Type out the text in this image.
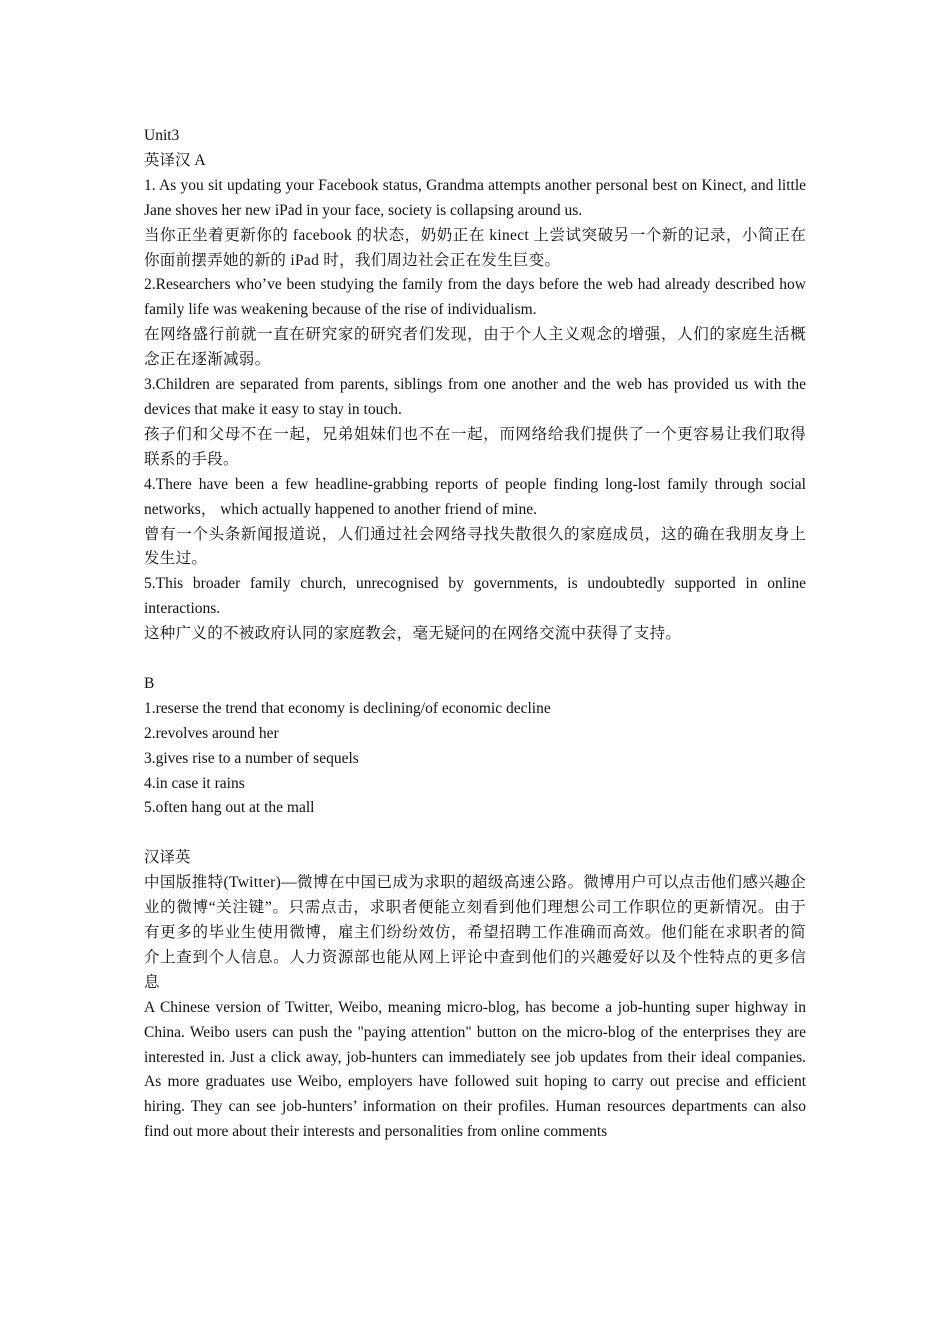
Unit3

英译汉 A

1. As you sit updating your Facebook status, Grandma attempts another personal best on Kinect, and little Jane shoves her new iPad in your face, society is collapsing around us.

当你正坐着更新你的 facebook 的状态，奶奶正在 kinect 上尝试突破另一个新的记录，小简正在你面前摆弄她的新的 iPad 时，我们周边社会正在发生巨变。

2.Researchers who’ve been studying the family from the days before the web had already described how family life was weakening because of the rise of individualism.

在网络盛行前就一直在研究家的研究者们发现，由于个人主义观念的增强，人们的家庭生活概念正在逐渐减弱。

3.Children are separated from parents, siblings from one another and the web has provided us with the devices that make it easy to stay in touch.

孩子们和父母不在一起，兄弟姐妹们也不在一起，而网络给我们提供了一个更容易让我们取得联系的手段。

4.There have been a few headline-grabbing reports of people finding long-lost family through social networks， which actually happened to another friend of mine.

曾有一个头条新闻报道说，人们通过社会网络寻找失散很久的家庭成员，这的确在我朋友身上发生过。

5.This broader family church, unrecognised by governments, is undoubtedly supported in online interactions.

这种广义的不被政府认同的家庭教会，毫无疑问的在网络交流中获得了支持。

B

1.reserse the trend that economy is declining/of economic decline

2.revolves around her

3.gives rise to a number of sequels

4.in case it rains

5.often hang out at the mall

汉译英

中国版推特(Twitter)—微博在中国已成为求职的超级高速公路。微博用户可以点击他们感兴趣企业的微博“关注键”。只需点击，求职者便能立刻看到他们理想公司工作职位的更新情况。由于有更多的毕业生使用微博，雇主们纷纷效仿，希望招聘工作准确而高效。他们能在求职者的简介上查到个人信息。人力资源部也能从网上评论中查到他们的兴趣爱好以及个性特点的更多信息

A Chinese version of Twitter, Weibo, meaning micro-blog, has become a job-hunting super highway in China. Weibo users can push the "paying attention" button on the micro-blog of the enterprises they are interested in. Just a click away, job-hunters can immediately see job updates from their ideal companies. As more graduates use Weibo, employers have followed suit hoping to carry out precise and efficient hiring. They can see job-hunters’ information on their profiles. Human resources departments can also find out more about their interests and personalities from online comments
